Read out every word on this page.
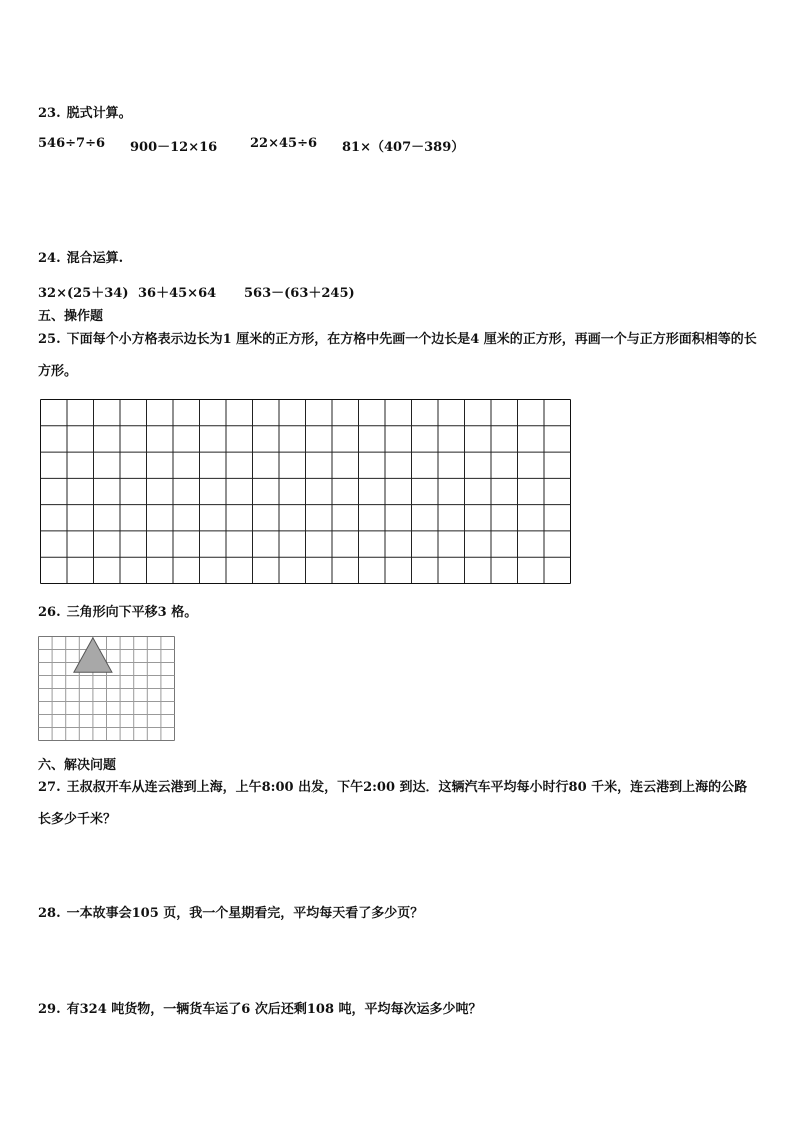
23. 脱式计算。
546÷7÷6 900－12×16	22×45÷6 81×（407－389）
24. 混合运算.
32×(25＋34) 36＋45×64 563－(63＋245)
五、操作题
25. 下面每个小方格表示边长为1 厘米的正方形，在方格中先画一个边长是4 厘米的正方形，再画一个与正方形面积相等的长方形。
26. 三角形向下平移3 格。
六、解决问题
27. 王叔叔开车从连云港到上海，上午8:00 出发，下午2:00 到达．这辆汽车平均每小时行80 千米，连云港到上海的公路长多少千米？
28. 一本故事会105 页，我一个星期看完，平均每天看了多少页？
29. 有324 吨货物，一辆货车运了6 次后还剩108 吨，平均每次运多少吨？
